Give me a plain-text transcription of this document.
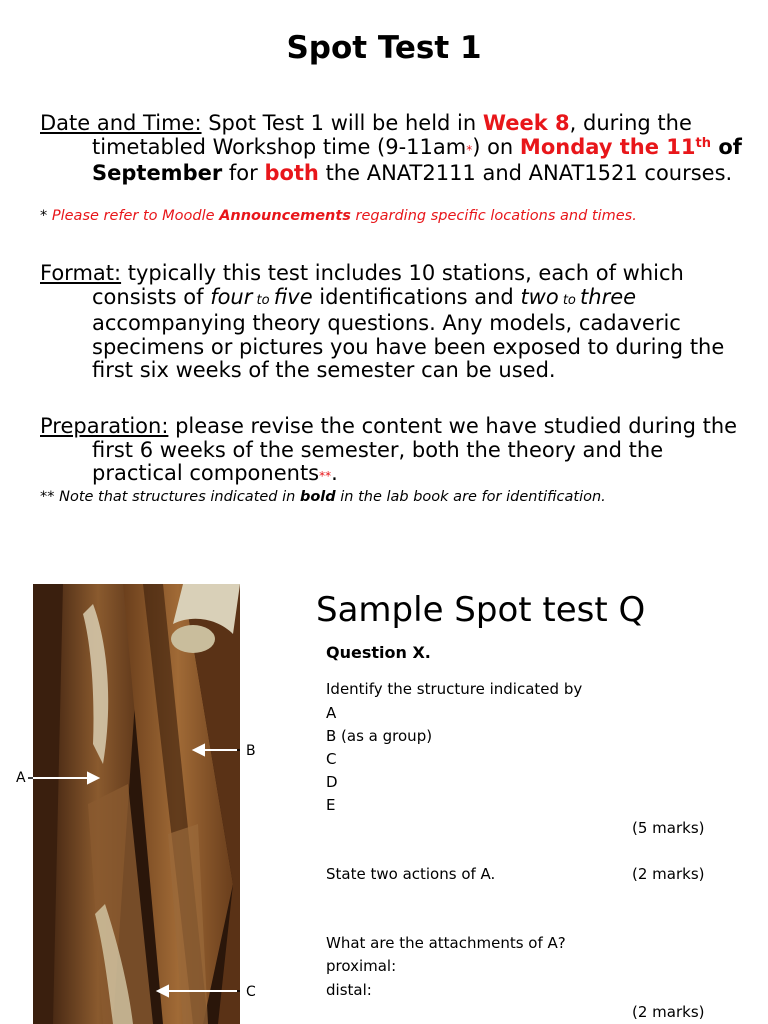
Spot Test 1

Date and Time: Spot Test 1 will be held in Week 8, during the timetabled Workshop time (9-11am*) on Monday the 11th of September for both the ANAT2111 and ANAT1521 courses.

* Please refer to Moodle Announcements regarding specific locations and times.

Format: typically this test includes 10 stations, each of which consists of four to five identifications and two to three accompanying theory questions. Any models, cadaveric specimens or pictures you have been exposed to during the first six weeks of the semester can be used.

Preparation: please revise the content we have studied during the first 6 weeks of the semester, both the theory and the practical components**.

** Note that structures indicated in bold in the lab book are for identification.
A
B
C
Sample Spot test Q
Question X.
Identify the structure indicated by
A
B (as a group)
C
D
E
(5 marks)
State two actions of A.	(2 marks)
What are the attachments of A?
proximal:
distal:
(2 marks)
